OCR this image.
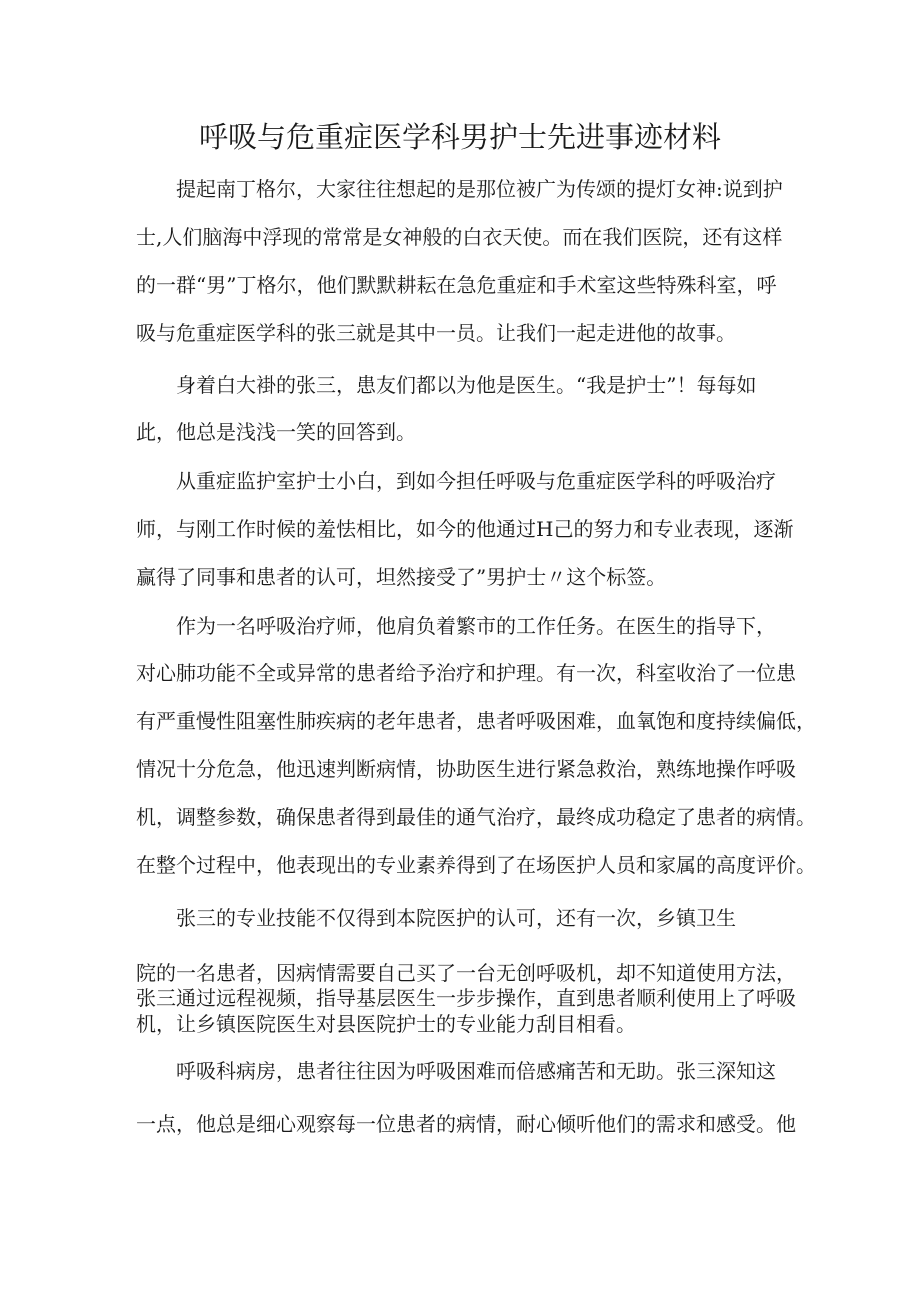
呼吸与危重症医学科男护士先进事迹材料
提起南丁格尔，大家往往想起的是那位被广为传颂的提灯女神:说到护
士,人们脑海中浮现的常常是女神般的白衣天使。而在我们医院，还有这样
的一群“男”丁格尔，他们默默耕耘在急危重症和手术室这些特殊科室，呼
吸与危重症医学科的张三就是其中一员。让我们一起走进他的故事。
身着白大褂的张三，患友们都以为他是医生。“我是护士”！每每如
此，他总是浅浅一笑的回答到。
从重症监护室护士小白，到如今担任呼吸与危重症医学科的呼吸治疗
师，与刚工作时候的羞怯相比，如今的他通过H己的努力和专业表现，逐渐
赢得了同事和患者的认可，坦然接受了”男护士〃这个标签。
作为一名呼吸治疗师，他肩负着繁市的工作任务。在医生的指导下，
对心肺功能不全或异常的患者给予治疗和护理。有一次，科室收治了一位患
有严重慢性阻塞性肺疾病的老年患者，患者呼吸困难，血氧饱和度持续偏低，
情况十分危急，他迅速判断病情，协助医生进行紧急救治，熟练地操作呼吸
机，调整参数，确保患者得到最佳的通气治疗，最终成功稳定了患者的病情。
在整个过程中，他表现出的专业素养得到了在场医护人员和家属的高度评价。
张三的专业技能不仅得到本院医护的认可，还有一次，乡镇卫生
院的一名患者，因病情需要自己买了一台无创呼吸机，却不知道使用方法，
张三通过远程视频，指导基层医生一步步操作，直到患者顺利使用上了呼吸
机，让乡镇医院医生对县医院护士的专业能力刮目相看。
呼吸科病房，患者往往因为呼吸困难而倍感痛苦和无助。张三深知这
一点，他总是细心观察每一位患者的病情，耐心倾听他们的需求和感受。他
